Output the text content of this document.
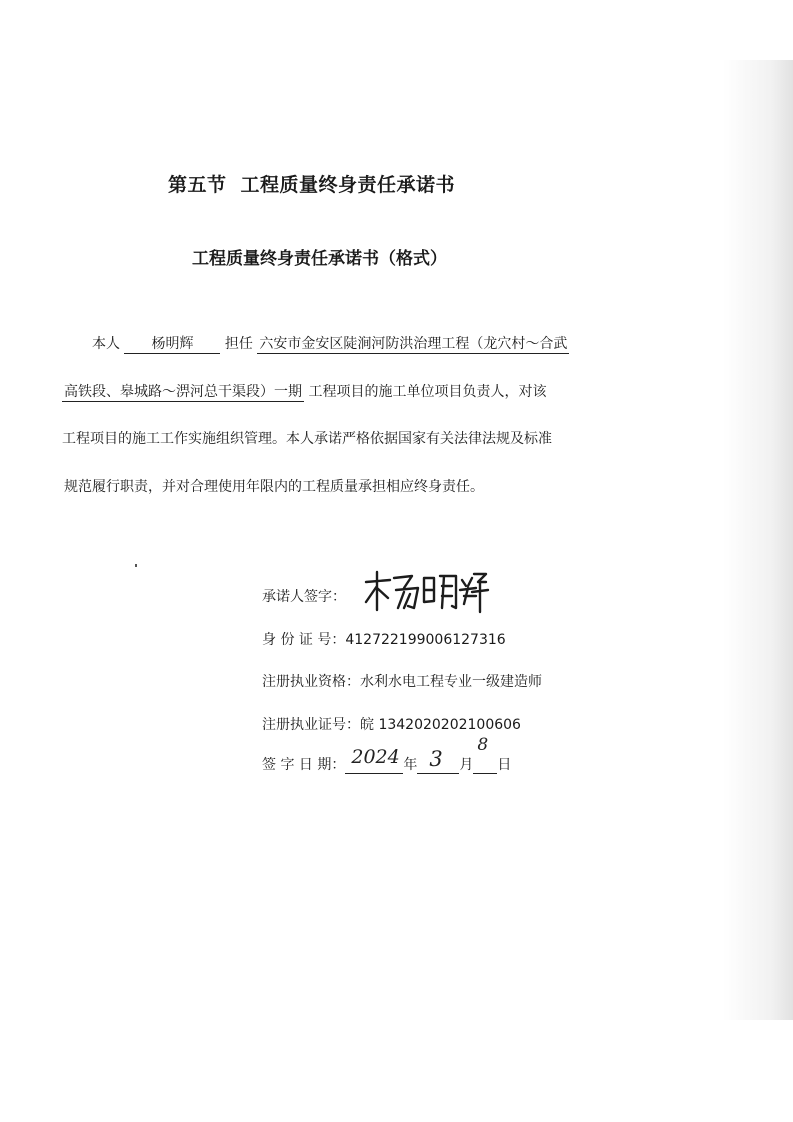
第五节 工程质量终身责任承诺书
工程质量终身责任承诺书（格式）
本人 杨明辉 担任 六安市金安区陡涧河防洪治理工程（龙穴村～合武
高铁段、皋城路～淠河总干渠段）一期 工程项目的施工单位项目负责人，对该
工程项目的施工工作实施组织管理。本人承诺严格依据国家有关法律法规及标准
规范履行职责，并对合理使用年限内的工程质量承担相应终身责任。
承诺人签字：
身 份 证 号：412722199006127316
注册执业资格：水利水电工程专业一级建造师
注册执业证号：皖 1342020202100606
签 字 日 期： 2024 年 3 月
8
日
